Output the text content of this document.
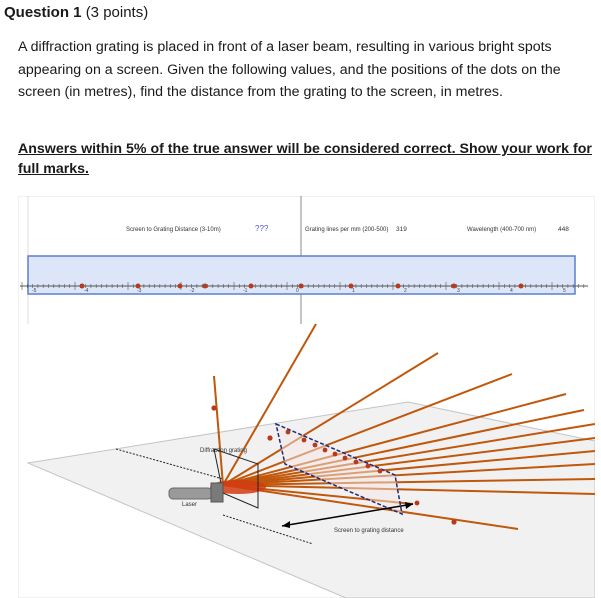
Question 1 (3 points)
A diffraction grating is placed in front of a laser beam, resulting in various bright spots appearing on a screen. Given the following values, and the positions of the dots on the screen (in metres), find the distance from the grating to the screen, in metres.
Answers within 5% of the true answer will be considered correct. Show your work for full marks.
Screen to Grating Distance (3-10m)	???	Grating lines per mm (200-500) 319	Wavelength (400-700 nm)	448
-5	-4	-3	-2	-1	0	1	2	3	4	5
Diffraction grating
Laser
Screen to grating distance
